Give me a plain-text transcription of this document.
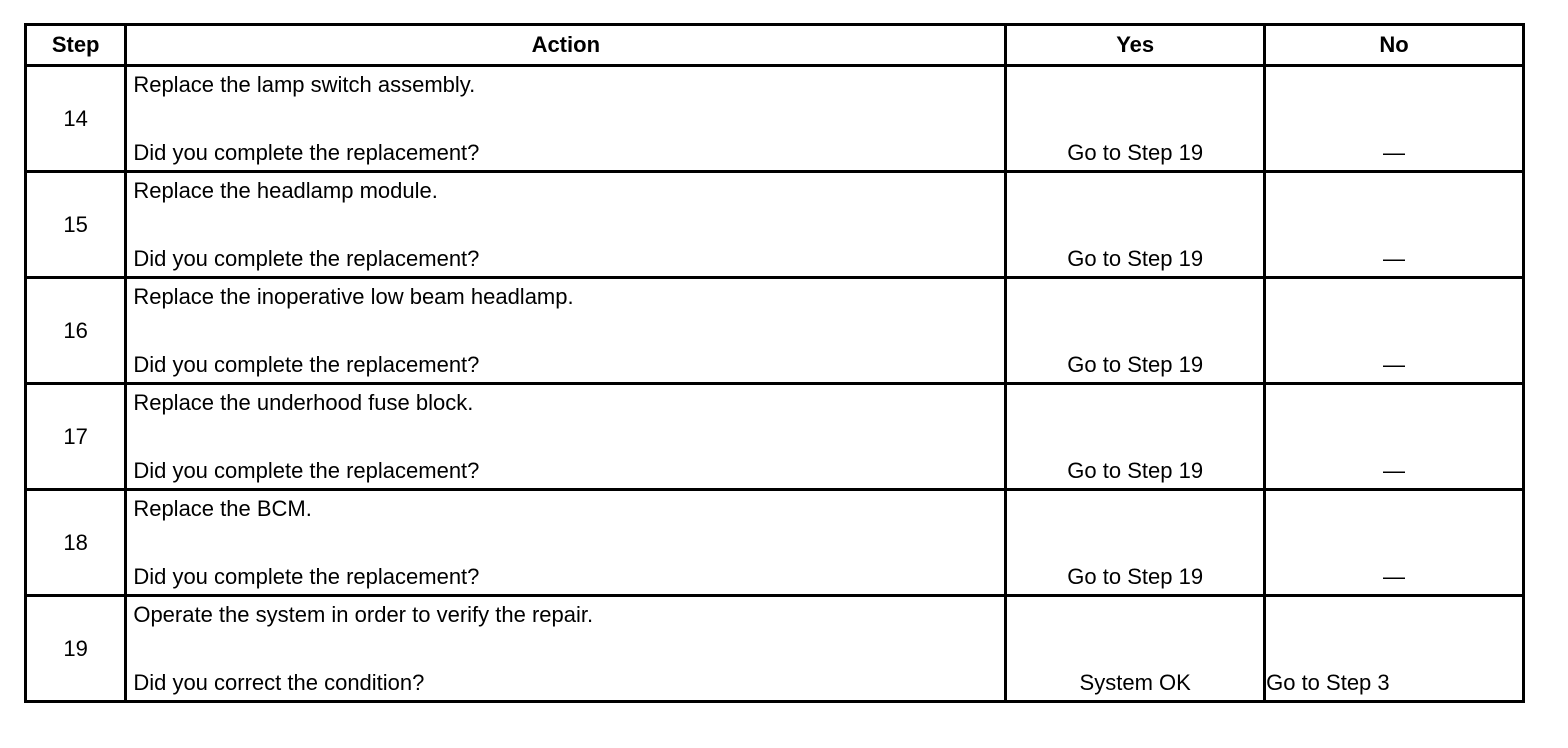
Step	Action	Yes	No
14	Replace the lamp switch assembly.
Did you complete the replacement?	Go to Step 19	—

15	Replace the headlamp module.
Did you complete the replacement?	Go to Step 19	—

16	Replace the inoperative low beam headlamp.
Did you complete the replacement?	Go to Step 19	—

17	Replace the underhood fuse block.
Did you complete the replacement?	Go to Step 19	—

18	Replace the BCM.
Did you complete the replacement?	Go to Step 19	—

19	Operate the system in order to verify the repair.
Did you correct the condition?	System OK	Go to Step 3
